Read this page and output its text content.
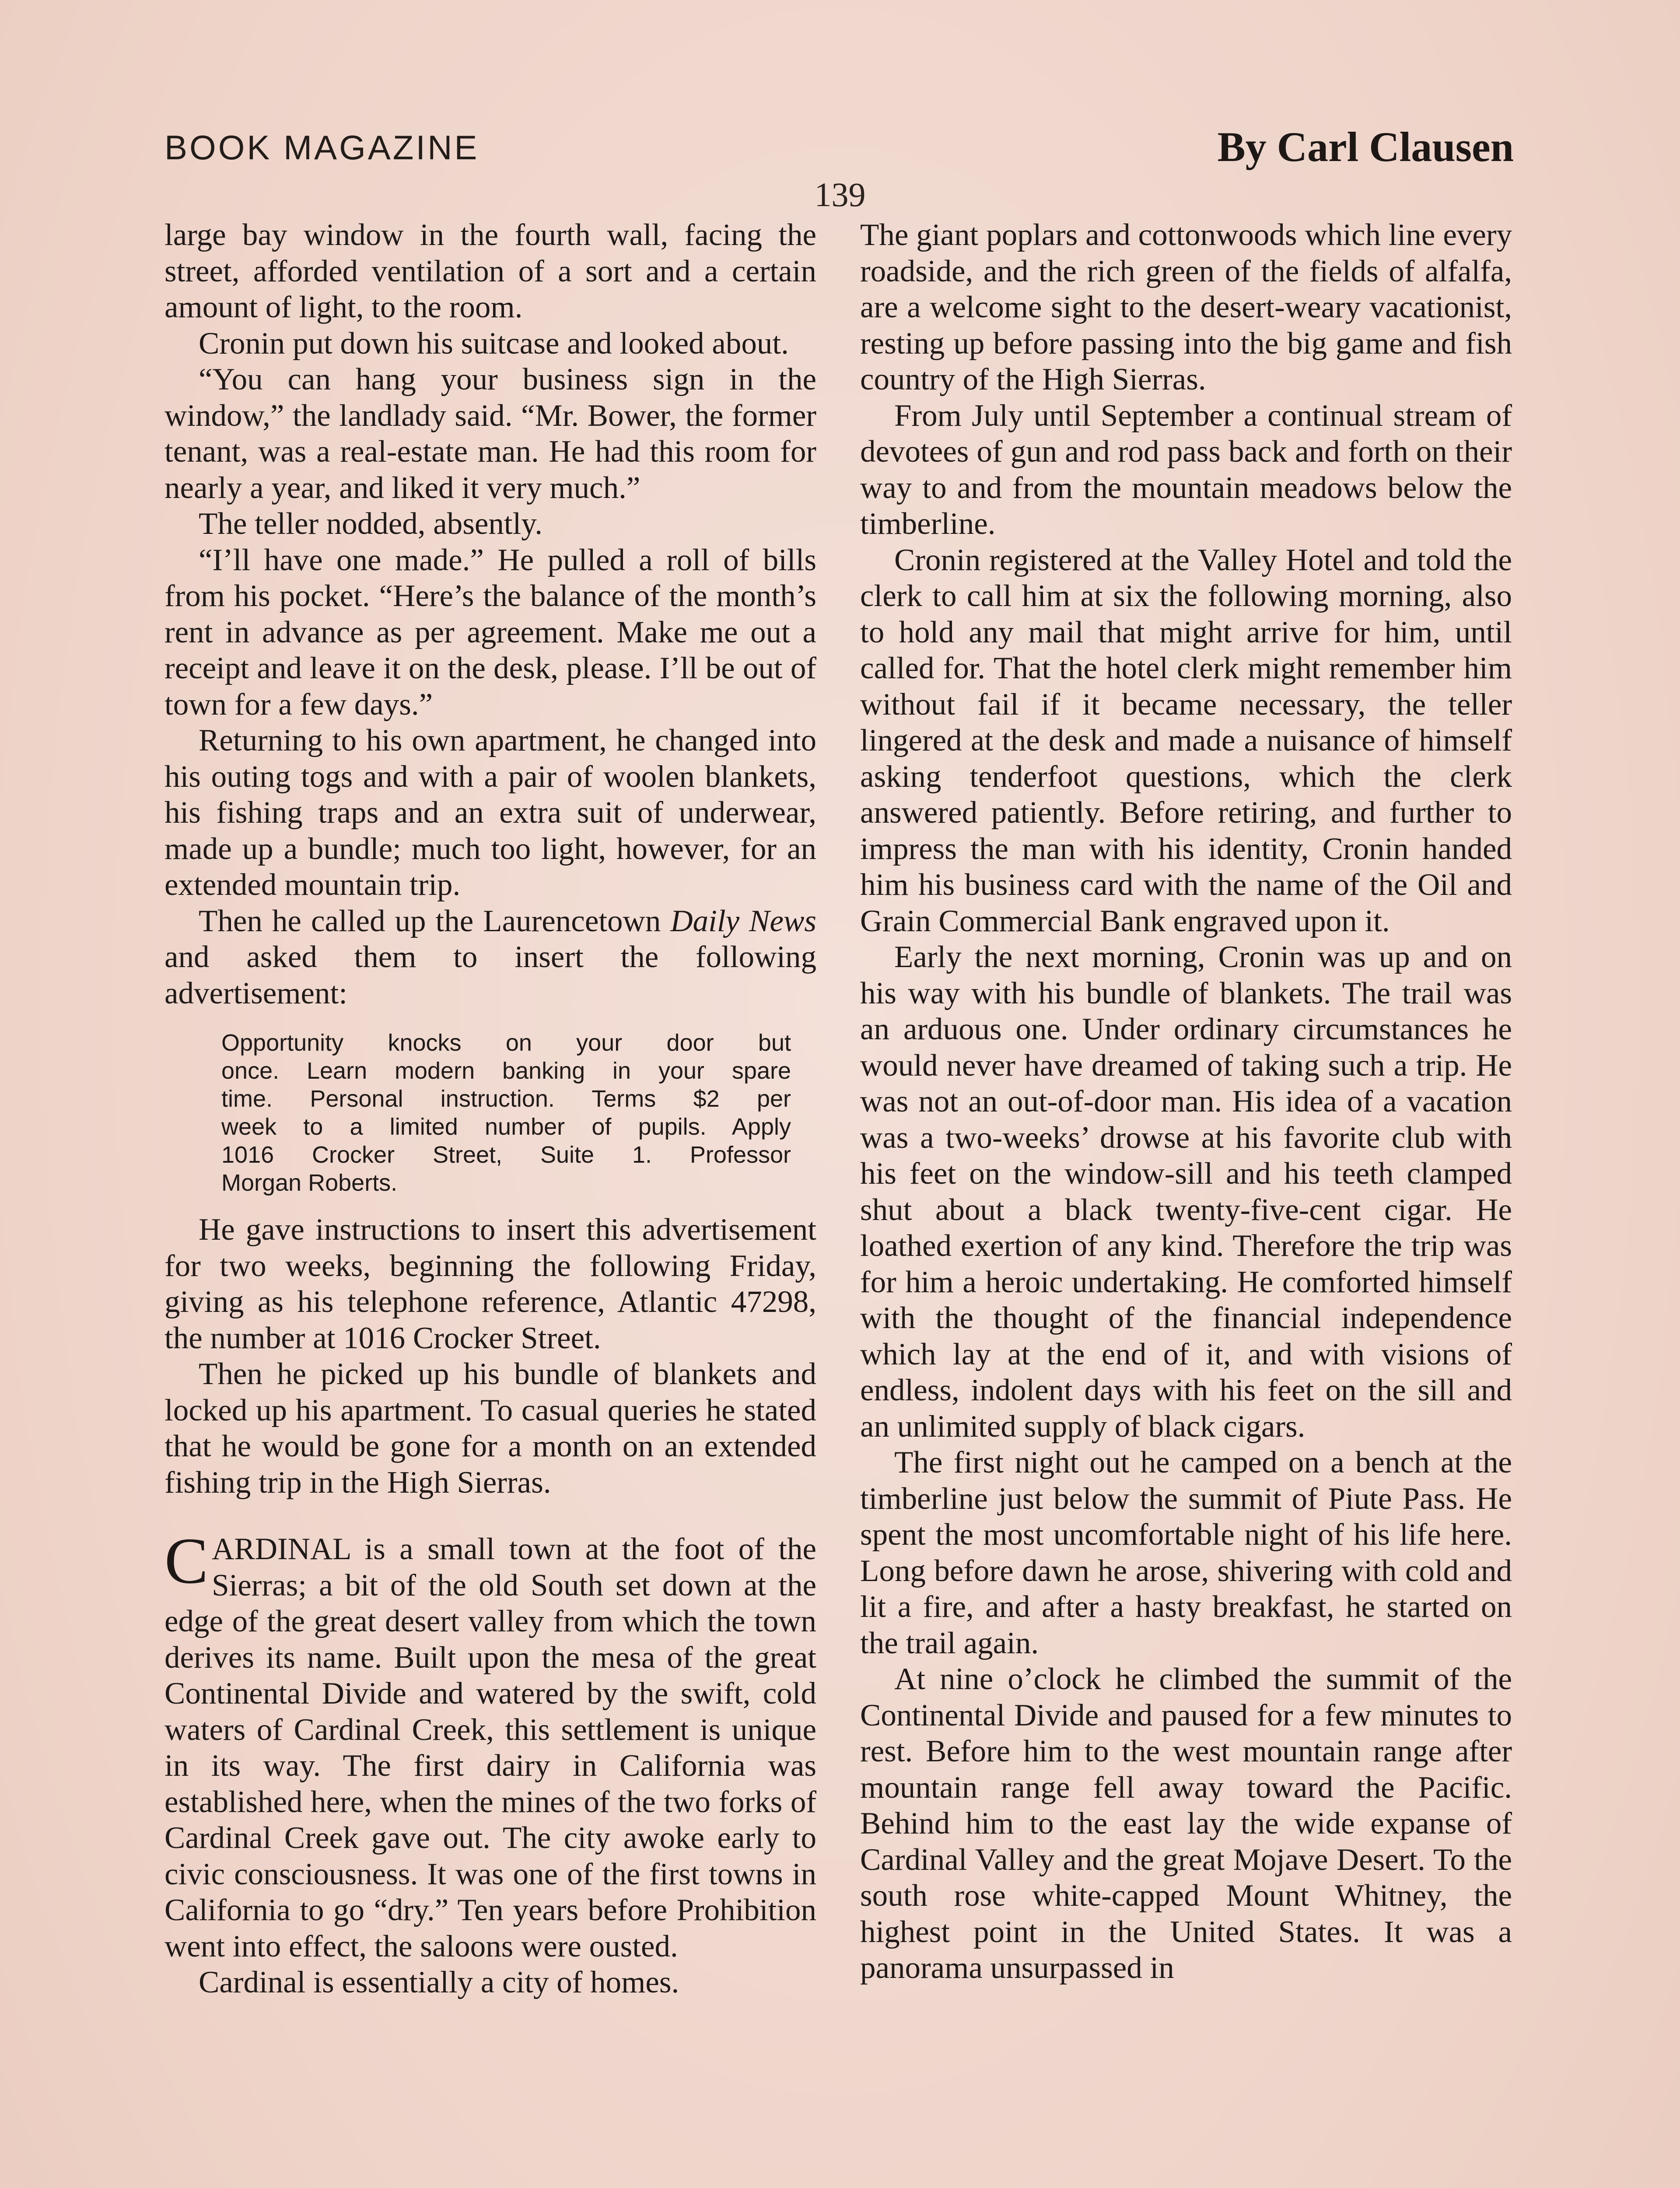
BOOK MAGAZINE	By Carl Clausen
139

large bay window in the fourth wall, facing the street, afforded ventilation of a sort and a certain amount of light, to the room.

Cronin put down his suitcase and looked about.

“You can hang your business sign in the window,” the landlady said. “Mr. Bower, the former tenant, was a real-estate man. He had this room for nearly a year, and liked it very much.”

The teller nodded, absently.

“I’ll have one made.” He pulled a roll of bills from his pocket. “Here’s the balance of the month’s rent in advance as per agreement. Make me out a receipt and leave it on the desk, please. I’ll be out of town for a few days.”

Returning to his own apartment, he changed into his outing togs and with a pair of woolen blankets, his fishing traps and an extra suit of underwear, made up a bundle; much too light, however, for an extended mountain trip.

Then he called up the Laurencetown Daily News and asked them to insert the following advertisement:

Opportunity knocks on your door but
once. Learn modern banking in your spare
time. Personal instruction. Terms $2 per
week to a limited number of pupils. Apply
1016 Crocker Street, Suite 1. Professor
Morgan Roberts.

He gave instructions to insert this advertisement for two weeks, beginning the following Friday, giving as his telephone reference, Atlantic 47298, the number at 1016 Crocker Street.

Then he picked up his bundle of blankets and locked up his apartment. To casual queries he stated that he would be gone for a month on an extended fishing trip in the High Sierras.

CARDINAL is a small town at the foot of the Sierras; a bit of the old South set down at the edge of the great desert valley from which the town derives its name. Built upon the mesa of the great Continental Divide and watered by the swift, cold waters of Cardinal Creek, this settlement is unique in its way. The first dairy in California was established here, when the mines of the two forks of Cardinal Creek gave out. The city awoke early to civic consciousness. It was one of the first towns in California to go “dry.” Ten years before Prohibition went into effect, the saloons were ousted.

Cardinal is essentially a city of homes.

The giant poplars and cottonwoods which line every roadside, and the rich green of the fields of alfalfa, are a welcome sight to the desert-weary vacationist, resting up before passing into the big game and fish country of the High Sierras.

From July until September a continual stream of devotees of gun and rod pass back and forth on their way to and from the mountain meadows below the timberline.

Cronin registered at the Valley Hotel and told the clerk to call him at six the following morning, also to hold any mail that might arrive for him, until called for. That the hotel clerk might remember him without fail if it became necessary, the teller lingered at the desk and made a nuisance of himself asking tenderfoot questions, which the clerk answered patiently. Before retiring, and further to impress the man with his identity, Cronin handed him his business card with the name of the Oil and Grain Commercial Bank engraved upon it.

Early the next morning, Cronin was up and on his way with his bundle of blankets. The trail was an arduous one. Under ordinary circumstances he would never have dreamed of taking such a trip. He was not an out-of-door man. His idea of a vacation was a two-weeks’ drowse at his favorite club with his feet on the window-sill and his teeth clamped shut about a black twenty-five-cent cigar. He loathed exertion of any kind. Therefore the trip was for him a heroic undertaking. He comforted himself with the thought of the financial independence which lay at the end of it, and with visions of endless, indolent days with his feet on the sill and an unlimited supply of black cigars.

The first night out he camped on a bench at the timberline just below the summit of Piute Pass. He spent the most uncomfortable night of his life here. Long before dawn he arose, shivering with cold and lit a fire, and after a hasty breakfast, he started on the trail again.

At nine o’clock he climbed the summit of the Continental Divide and paused for a few minutes to rest. Before him to the west mountain range after mountain range fell away toward the Pacific. Behind him to the east lay the wide expanse of Cardinal Valley and the great Mojave Desert. To the south rose white-capped Mount Whitney, the highest point in the United States. It was a panorama unsurpassed in
